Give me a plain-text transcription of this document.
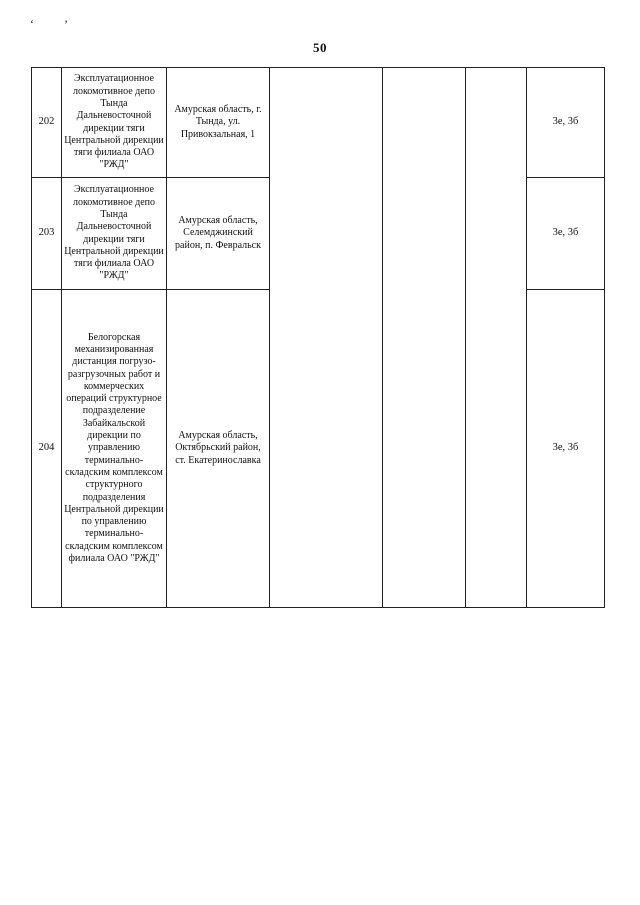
‘	’
50
202	Эксплуатационное локомотивное депо Тында Дальневосточной дирекции тяги Центральной дирекции тяги филиала ОАО "РЖД"	Амурская область, г. Тында, ул. Привокзальная, 1				3е, 3б
203	Эксплуатационное локомотивное депо Тында Дальневосточной дирекции тяги Центральной дирекции тяги филиала ОАО "РЖД"	Амурская область, Селемджинский район, п. Февральск				3е, 3б
204	Белогорская механизированная дистанция погрузо-разгрузочных работ и коммерческих операций структурное подразделение Забайкальской дирекции по управлению терминально-складским комплексом структурного подразделения Центральной дирекции по управлению терминально-складским комплексом филиала ОАО "РЖД"	Амурская область, Октябрьский район, ст. Екатеринославка				3е, 3б
